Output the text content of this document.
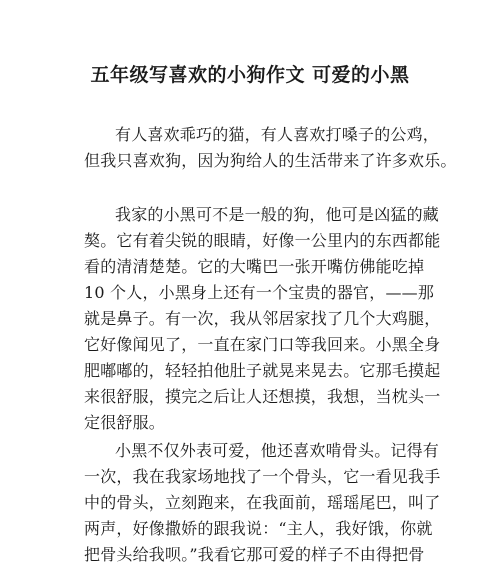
五年级写喜欢的小狗作文 可爱的小黑
有人喜欢乖巧的猫，有人喜欢打嗓子的公鸡，
但我只喜欢狗，因为狗给人的生活带来了许多欢乐。
我家的小黑可不是一般的狗，他可是凶猛的藏
獒。它有着尖锐的眼睛，好像一公里内的东西都能
看的清清楚楚。它的大嘴巴一张开嘴仿佛能吃掉
10 个人，小黑身上还有一个宝贵的器官，——那
就是鼻子。有一次，我从邻居家找了几个大鸡腿，
它好像闻见了，一直在家门口等我回来。小黑全身
肥嘟嘟的，轻轻拍他肚子就晃来晃去。它那毛摸起
来很舒服，摸完之后让人还想摸，我想，当枕头一
定很舒服。
小黑不仅外表可爱，他还喜欢啃骨头。记得有
一次，我在我家场地找了一个骨头，它一看见我手
中的骨头，立刻跑来，在我面前，瑶瑶尾巴，叫了
两声，好像撒娇的跟我说：“主人，我好饿，你就
把骨头给我呗。”我看它那可爱的样子不由得把骨
